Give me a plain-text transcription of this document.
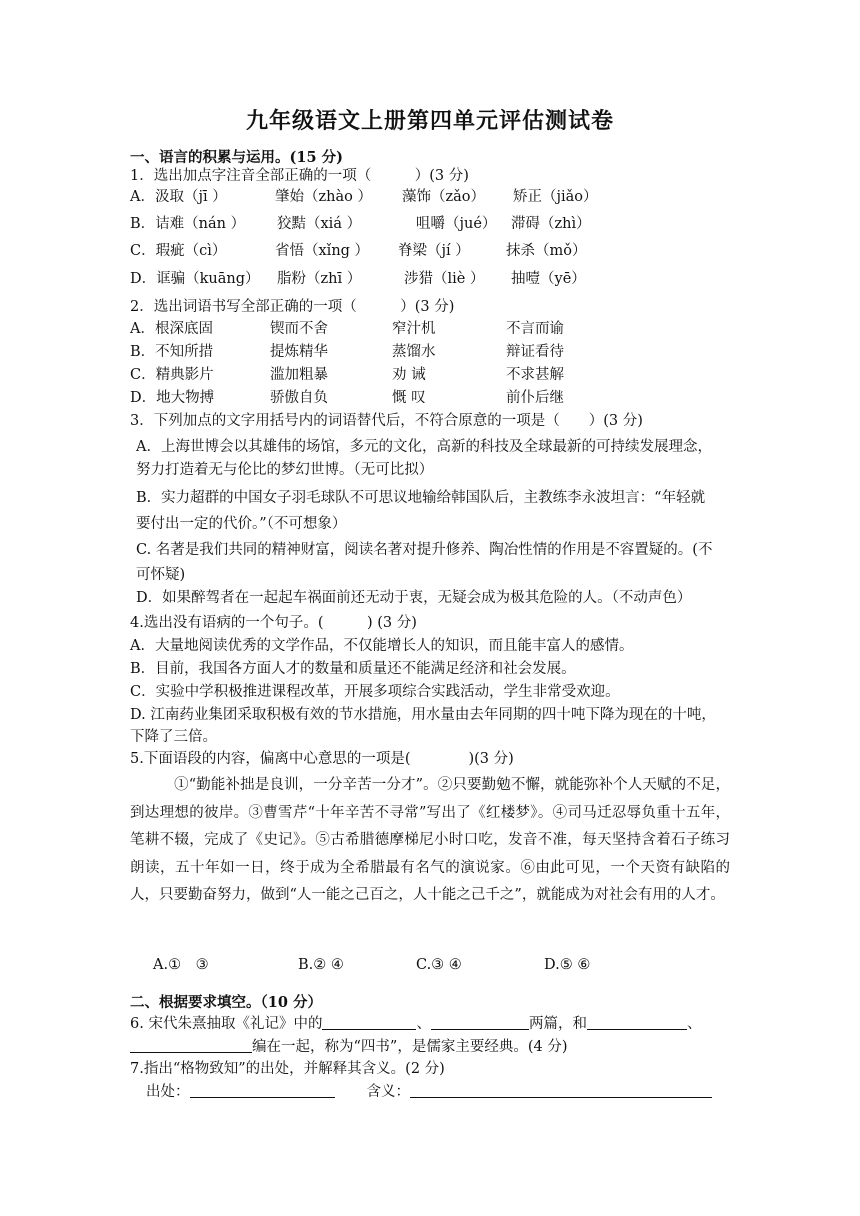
九年级语文上册第四单元评估测试卷
一、语言的积累与运用。(15 分)
1．选出加点字注音全部正确的一项（　　　）(3 分)
A．汲取（jī ）	肇始（zhào ） 藻饰（zǎo） 矫正（jiǎo）
B．诘难（nán ） 狡黠（xiá ）	咀嚼（jué） 滞碍（zhì）
C．瑕疵（cì）	省悟（xǐng ） 脊梁（jí ）	抹杀（mǒ）
D．诓骗（kuāng） 脂粉（zhī ）	涉猎（liè ） 抽噎（yē）
2．选出词语书写全部正确的一项（　　　）(3 分)
A．根深底固	锲而不舍	窄汁机	不言而谕
B．不知所措	提炼精华	蒸馏水	辩证看待
C．精典影片	滥加粗暴	劝 诫	不求甚解
D．地大物搏	骄傲自负	慨 叹	前仆后继
3．下列加点的文字用括号内的词语替代后，不符合原意的一项是（　　）(3 分)
A．上海世博会以其雄伟的场馆，多元的文化，高新的科技及全球最新的可持续发展理念，
努力打造着无与伦比的梦幻世博。（无可比拟）
B．实力超群的中国女子羽毛球队不可思议地输给韩国队后，主教练李永波坦言：“年轻就
要付出一定的代价。”（不可想象）
C. 名著是我们共同的精神财富，阅读名著对提升修养、陶冶性情的作用是不容置疑的。(不
可怀疑)
D．如果醉驾者在一起起车祸面前还无动于衷，无疑会成为极其危险的人。（不动声色）
4.选出没有语病的一个句子。(　　　) (3 分)
A．大量地阅读优秀的文学作品，不仅能增长人的知识，而且能丰富人的感情。
B．目前，我国各方面人才的数量和质量还不能满足经济和社会发展。
C．实验中学积极推进课程改革，开展多项综合实践活动，学生非常受欢迎。
D. 江南药业集团采取积极有效的节水措施，用水量由去年同期的四十吨下降为现在的十吨，
下降了三倍。
5.下面语段的内容，偏离中心意思的一项是(　　　　)(3 分)
①“勤能补拙是良训，一分辛苦一分才”。②只要勤勉不懈，就能弥补个人天赋的不足，到达理想的彼岸。③曹雪芹“十年辛苦不寻常”写出了《红楼梦》。④司马迁忍辱负重十五年，笔耕不辍，完成了《史记》。⑤古希腊德摩梯尼小时口吃，发音不准，每天坚持含着石子练习朗读，五十年如一日，终于成为全希腊最有名气的演说家。⑥由此可见，一个天资有缺陷的人，只要勤奋努力，做到“人一能之己百之，人十能之己千之”，就能成为对社会有用的人才。
A.①　③	B.② ④	C.③ ④	D.⑤ ⑥
二、根据要求填空。（10 分）
6. 宋代朱熹抽取《礼记》中的	、	两篇，和	、
编在一起，称为“四书”，是儒家主要经典。(4 分)
7.指出“格物致知”的出处，并解释其含义。(2 分)
出处：	含义：
